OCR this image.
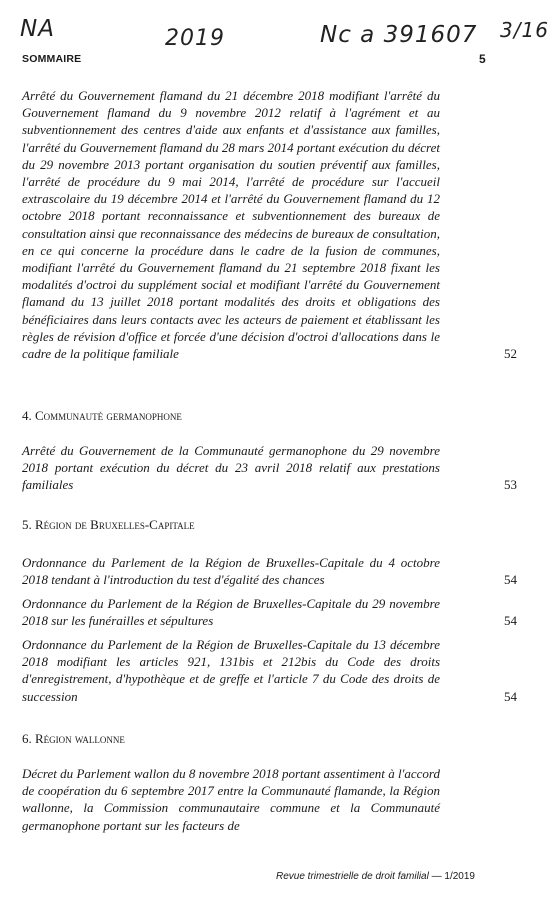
NA	2019	Nc a 391607 3/16
SOMMAIRE	5
Arrêté du Gouvernement flamand du 21 décembre 2018 modifiant l'arrêté du Gouvernement flamand du 9 novembre 2012 relatif à l'agrément et au subventionnement des centres d'aide aux enfants et d'assistance aux familles, l'arrêté du Gouvernement flamand du 28 mars 2014 portant exécution du décret du 29 novembre 2013 portant organisation du soutien préventif aux familles, l'arrêté de procédure du 9 mai 2014, l'arrêté de procédure sur l'accueil extrascolaire du 19 décembre 2014 et l'arrêté du Gouvernement flamand du 12 octobre 2018 portant reconnaissance et subventionnement des bureaux de consultation ainsi que reconnaissance des médecins de bureaux de consultation, en ce qui concerne la procédure dans le cadre de la fusion de communes, modifiant l'arrêté du Gouvernement flamand du 21 septembre 2018 fixant les modalités d'octroi du supplément social et modifiant l'arrêté du Gouvernement flamand du 13 juillet 2018 portant modalités des droits et obligations des bénéficiaires dans leurs contacts avec les acteurs de paiement et établissant les règles de révision d'office et forcée d'une décision d'octroi d'allocations dans le cadre de la politique familiale	52
4. Communauté germanophone
Arrêté du Gouvernement de la Communauté germanophone du 29 novembre 2018 portant exécution du décret du 23 avril 2018 relatif aux prestations familiales	53
5. Région de Bruxelles-Capitale
Ordonnance du Parlement de la Région de Bruxelles-Capitale du 4 octobre 2018 tendant à l'introduction du test d'égalité des chances	54
Ordonnance du Parlement de la Région de Bruxelles-Capitale du 29 novembre 2018 sur les funérailles et sépultures	54
Ordonnance du Parlement de la Région de Bruxelles-Capitale du 13 décembre 2018 modifiant les articles 921, 131bis et 212bis du Code des droits d'enregistrement, d'hypothèque et de greffe et l'article 7 du Code des droits de succession	54
6. Région wallonne
Décret du Parlement wallon du 8 novembre 2018 portant assentiment à l'accord de coopération du 6 septembre 2017 entre la Communauté flamande, la Région wallonne, la Commission communautaire commune et la Communauté germanophone portant sur les facteurs de
Revue trimestrielle de droit familial — 1/2019
